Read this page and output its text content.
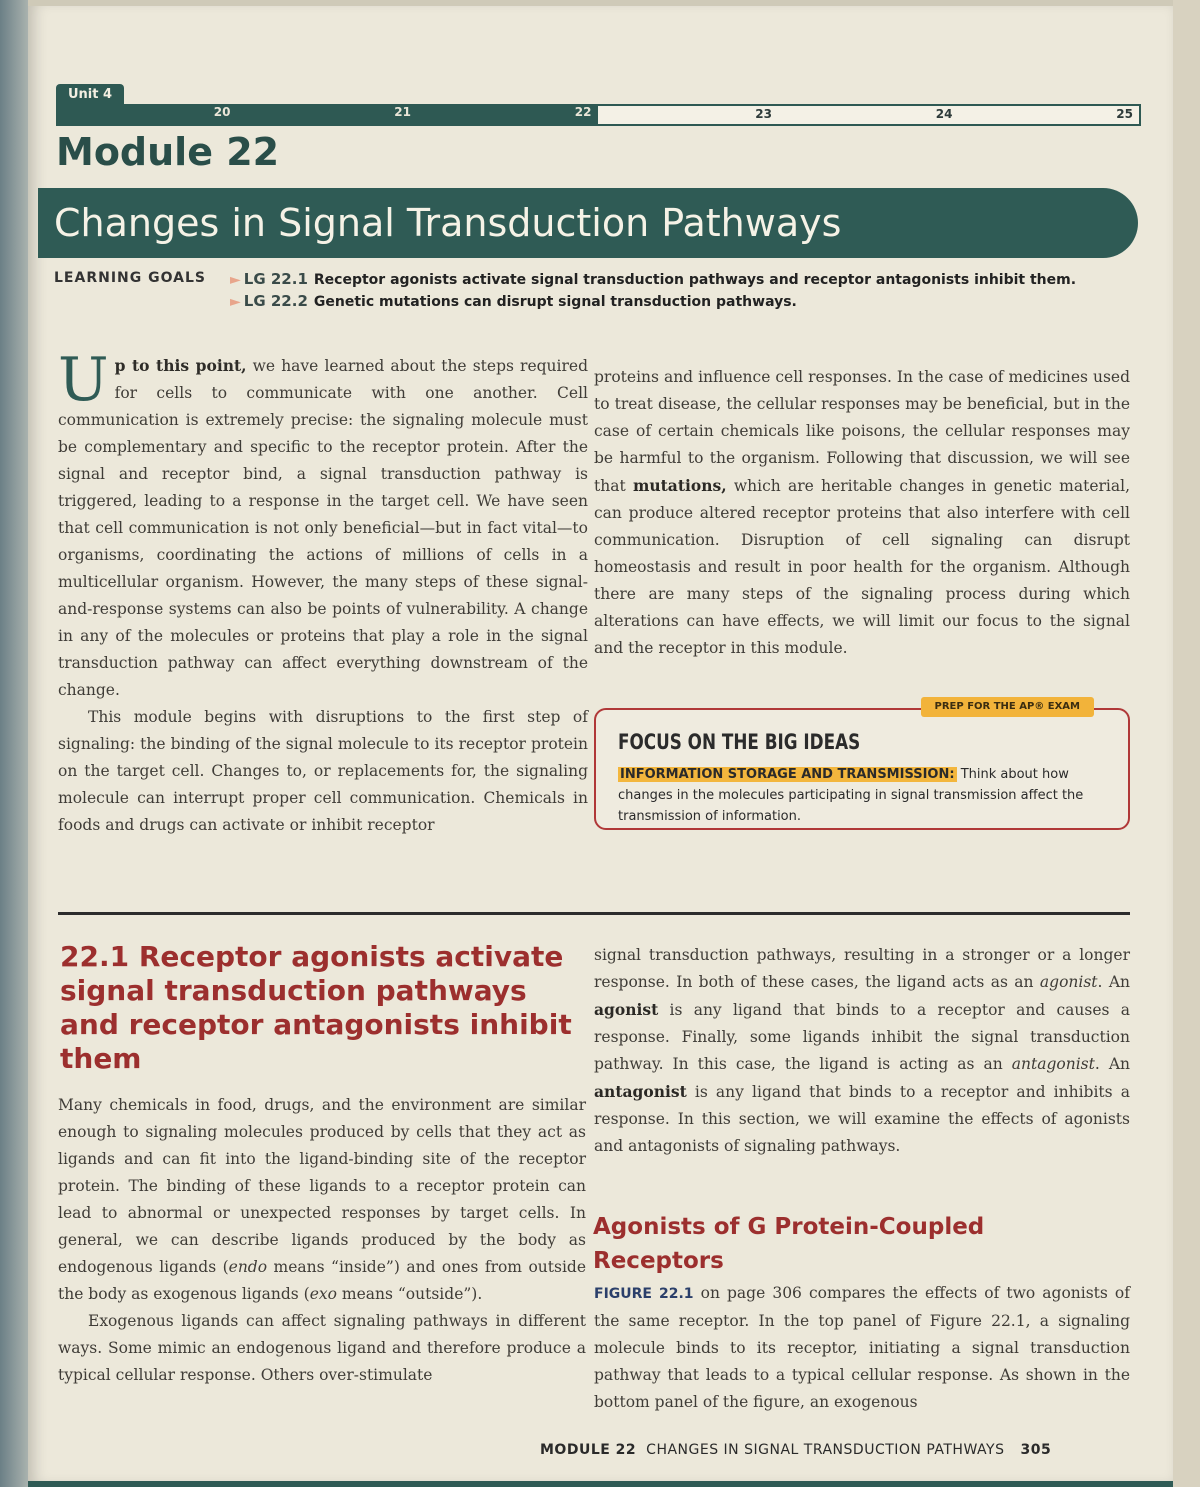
Unit 4
20	21	22	23	24	25
Module 22
Changes in Signal Transduction Pathways
LEARNING GOALS ► LG 22.1 Receptor agonists activate signal transduction pathways and receptor antagonists inhibit them.
► LG 22.2 Genetic mutations can disrupt signal transduction pathways.

Up to this point, we have learned about the steps required for cells to communicate with one another. Cell communication is extremely precise: the signaling molecule must be complementary and specific to the receptor protein. After the signal and receptor bind, a signal transduction pathway is triggered, leading to a response in the target cell. We have seen that cell communication is not only beneficial—but in fact vital—to organisms, coordinating the actions of millions of cells in a multicellular organism. However, the many steps of these signal-and-response systems can also be points of vulnerability. A change in any of the molecules or proteins that play a role in the signal transduction pathway can affect everything downstream of the change.

This module begins with disruptions to the first step of signaling: the binding of the signal molecule to its receptor protein on the target cell. Changes to, or replacements for, the signaling molecule can interrupt proper cell communication. Chemicals in foods and drugs can activate or inhibit receptor

proteins and influence cell responses. In the case of medicines used to treat disease, the cellular responses may be beneficial, but in the case of certain chemicals like poisons, the cellular responses may be harmful to the organism. Following that discussion, we will see that mutations, which are heritable changes in genetic material, can produce altered receptor proteins that also interfere with cell communication. Disruption of cell signaling can disrupt homeostasis and result in poor health for the organism. Although there are many steps of the signaling process during which alterations can have effects, we will limit our focus to the signal and the receptor in this module.

PREP FOR THE AP® EXAM
FOCUS ON THE BIG IDEAS
INFORMATION STORAGE AND TRANSMISSION: Think about how changes in the molecules participating in signal transmission affect the transmission of information.
22.1 Receptor agonists activate signal transduction pathways and receptor antagonists inhibit them

Many chemicals in food, drugs, and the environment are similar enough to signaling molecules produced by cells that they act as ligands and can fit into the ligand-binding site of the receptor protein. The binding of these ligands to a receptor protein can lead to abnormal or unexpected responses by target cells. In general, we can describe ligands produced by the body as endogenous ligands (endo means “inside”) and ones from outside the body as exogenous ligands (exo means “outside”).

Exogenous ligands can affect signaling pathways in different ways. Some mimic an endogenous ligand and therefore produce a typical cellular response. Others over-stimulate

signal transduction pathways, resulting in a stronger or a longer response. In both of these cases, the ligand acts as an agonist. An agonist is any ligand that binds to a receptor and causes a response. Finally, some ligands inhibit the signal transduction pathway. In this case, the ligand is acting as an antagonist. An antagonist is any ligand that binds to a receptor and inhibits a response. In this section, we will examine the effects of agonists and antagonists of signaling pathways.

Agonists of G Protein-Coupled Receptors

FIGURE 22.1 on page 306 compares the effects of two agonists of the same receptor. In the top panel of Figure 22.1, a signaling molecule binds to its receptor, initiating a signal transduction pathway that leads to a typical cellular response. As shown in the bottom panel of the figure, an exogenous

MODULE 22 CHANGES IN SIGNAL TRANSDUCTION PATHWAYS 305
